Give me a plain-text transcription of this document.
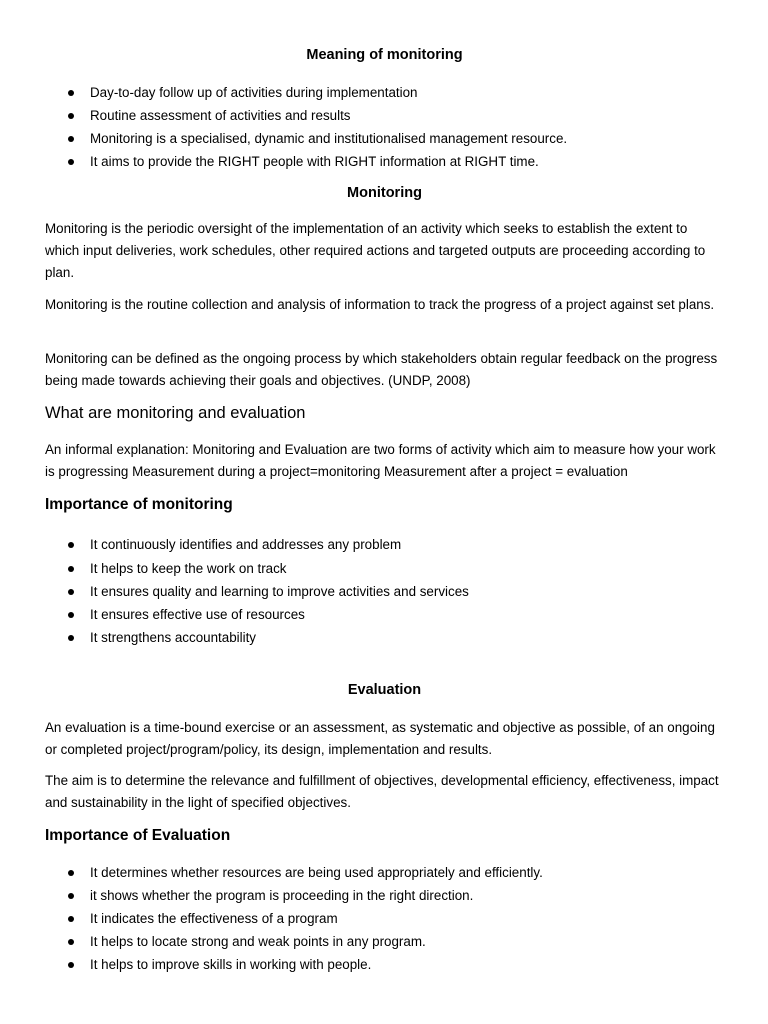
Meaning of monitoring
Day-to-day follow up of activities during implementation
Routine assessment of activities and results
Monitoring is a specialised, dynamic and institutionalised management resource.
It aims to provide the RIGHT people with RIGHT information at RIGHT time.
Monitoring

Monitoring is the periodic oversight of the implementation of an activity which seeks to establish the extent to which input deliveries, work schedules, other required actions and targeted outputs are proceeding according to plan.

Monitoring is the routine collection and analysis of information to track the progress of a project against set plans.

Monitoring can be defined as the ongoing process by which stakeholders obtain regular feedback on the progress being made towards achieving their goals and objectives. (UNDP, 2008)

What are monitoring and evaluation

An informal explanation: Monitoring and Evaluation are two forms of activity which aim to measure how your work is progressing Measurement during a project=monitoring Measurement after a project = evaluation

Importance of monitoring
It continuously identifies and addresses any problem
It helps to keep the work on track
It ensures quality and learning to improve activities and services
It ensures effective use of resources
It strengthens accountability
Evaluation

An evaluation is a time-bound exercise or an assessment, as systematic and objective as possible, of an ongoing or completed project/program/policy, its design, implementation and results.

The aim is to determine the relevance and fulfillment of objectives, developmental efficiency, effectiveness, impact and sustainability in the light of specified objectives.

Importance of Evaluation
It determines whether resources are being used appropriately and efficiently.
it shows whether the program is proceeding in the right direction.
It indicates the effectiveness of a program
It helps to locate strong and weak points in any program.
It helps to improve skills in working with people.
